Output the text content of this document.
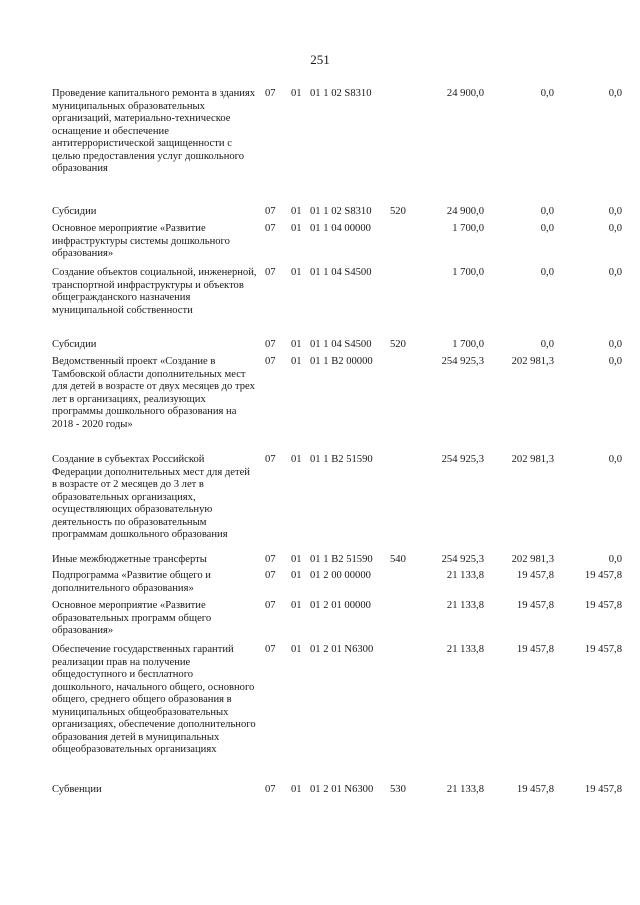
251
Проведение капитального ремонта в зданиях муниципальных образовательных организаций, материально-техническое оснащение и обеспечение антитеррористической защищенности с целью предоставления услуг дошкольного образования	07	01	01 1 02 S8310		24 900,0	0,0	0,0
Субсидии	07	01	01 1 02 S8310	520	24 900,0	0,0	0,0
Основное мероприятие «Развитие инфраструктуры системы дошкольного образования»	07	01	01 1 04 00000		1 700,0	0,0	0,0
Создание объектов социальной, инженерной, транспортной инфраструктуры и объектов общегражданского назначения муниципальной собственности	07	01	01 1 04 S4500		1 700,0	0,0	0,0
Субсидии	07	01	01 1 04 S4500	520	1 700,0	0,0	0,0
Ведомственный проект «Создание в Тамбовской области дополнительных мест для детей в возрасте от двух месяцев до трех лет в организациях, реализующих программы дошкольного образования на 2018 - 2020 годы»	07	01	01 1 B2 00000		254 925,3	202 981,3	0,0
Создание в субъектах Российской Федерации дополнительных мест для детей в возрасте от 2 месяцев до 3 лет в образовательных организациях, осуществляющих образовательную деятельность по образовательным программам дошкольного образования	07	01	01 1 B2 51590		254 925,3	202 981,3	0,0
Иные межбюджетные трансферты	07	01	01 1 B2 51590	540	254 925,3	202 981,3	0,0
Подпрограмма «Развитие общего и дополнительного образования»	07	01	01 2 00 00000		21 133,8	19 457,8	19 457,8
Основное мероприятие «Развитие образовательных программ общего образования»	07	01	01 2 01 00000		21 133,8	19 457,8	19 457,8
Обеспечение государственных гарантий реализации прав на получение общедоступного и бесплатного дошкольного, начального общего, основного общего, среднего общего образования в муниципальных общеобразовательных организациях, обеспечение дополнительного образования детей в муниципальных общеобразовательных организациях	07	01	01 2 01 N6300		21 133,8	19 457,8	19 457,8
Субвенции	07	01	01 2 01 N6300	530	21 133,8	19 457,8	19 457,8
